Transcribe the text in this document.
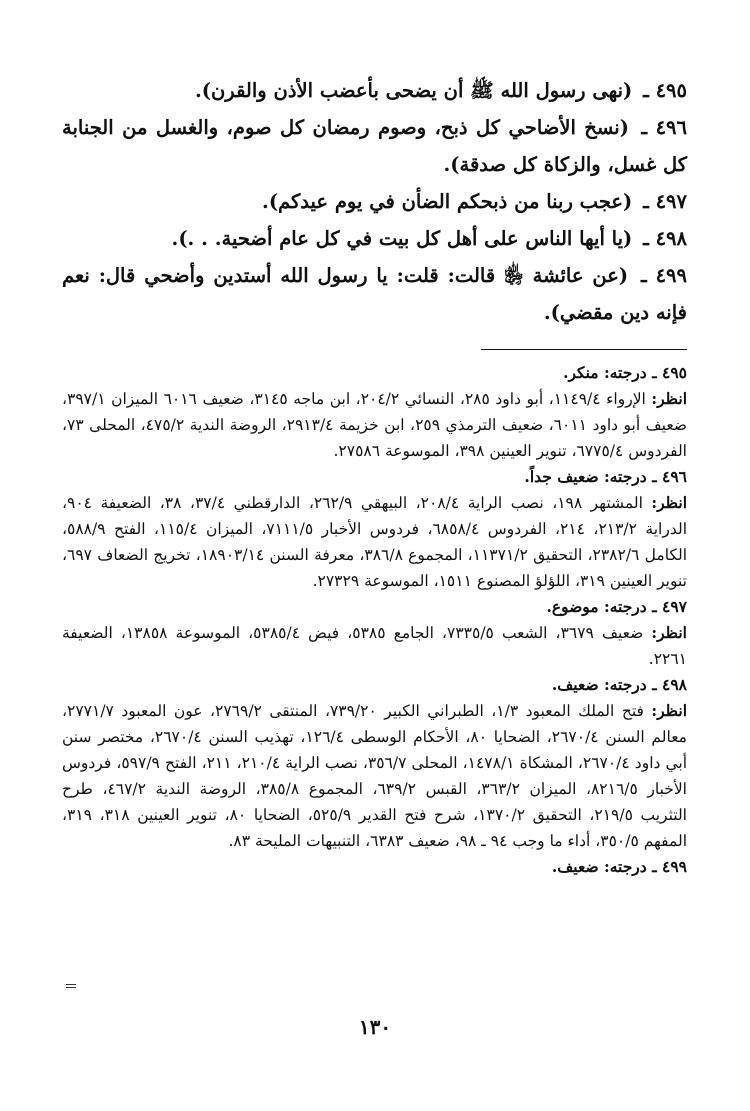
٤٩٥ ـ (نهى رسول الله ﷺ أن يضحى بأعضب الأذن والقرن).

٤٩٦ ـ (نسخ الأضاحي كل ذبح، وصوم رمضان كل صوم، والغسل من الجنابة كل غسل، والزكاة كل صدقة).

٤٩٧ ـ (عجب ربنا من ذبحكم الضأن في يوم عيدكم).

٤٩٨ ـ (يا أيها الناس على أهل كل بيت في كل عام أضحية. . .).

٤٩٩ ـ (عن عائشة ﵂ قالت: قلت: يا رسول الله أستدين وأضحي قال: نعم فإنه دين مقضي).

٤٩٥ ـ درجته: منكر.

انظر: الإرواء ١١٤٩/٤، أبو داود ٢٨٥، النسائي ٢٠٤/٢، ابن ماجه ٣١٤٥، ضعيف ٦٠١٦ الميزان ٣٩٧/١، ضعيف أبو داود ٦٠١١، ضعيف الترمذي ٢٥٩، ابن خزيمة ٢٩١٣/٤، الروضة الندية ٤٧٥/٢، المحلى ٧٣، الفردوس ٦٧٧٥/٤، تنوير العينين ٣٩٨، الموسوعة ٢٧٥٨٦.

٤٩٦ ـ درجته: ضعيف جداً.

انظر: المشتهر ١٩٨، نصب الراية ٢٠٨/٤، البيهقي ٢٦٢/٩، الدارقطني ٣٧/٤، ٣٨، الضعيفة ٩٠٤، الدراية ٢١٣/٢، ٢١٤، الفردوس ٦٨٥٨/٤، فردوس الأخبار ٧١١١/٥، الميزان ١١٥/٤، الفتح ٥٨٨/٩، الكامل ٢٣٨٢/٦، التحقيق ١١٣٧١/٢، المجموع ٣٨٦/٨، معرفة السنن ١٨٩٠٣/١٤، تخريج الضعاف ٦٩٧، تنوير العينين ٣١٩، اللؤلؤ المصنوع ١٥١١، الموسوعة ٢٧٣٢٩.

٤٩٧ ـ درجته: موضوع.

انظر: ضعيف ٣٦٧٩، الشعب ٧٣٣٥/٥، الجامع ٥٣٨٥، فيض ٥٣٨٥/٤، الموسوعة ١٣٨٥٨، الضعيفة ٢٢٦١.

٤٩٨ ـ درجته: ضعيف.

انظر: فتح الملك المعبود ١/٣، الطبراني الكبير ٧٣٩/٢٠، المنتقى ٢٧٦٩/٢، عون المعبود ٢٧٧١/٧، معالم السنن ٢٦٧٠/٤، الضحايا ٨٠، الأحكام الوسطى ١٢٦/٤، تهذيب السنن ٢٦٧٠/٤، مختصر سنن أبي داود ٢٦٧٠/٤، المشكاة ١٤٧٨/١، المحلى ٣٥٦/٧، نصب الراية ٢١٠/٤، ٢١١، الفتح ٥٩٧/٩، فردوس الأخبار ٨٢١٦/٥، الميزان ٣٦٣/٢، القبس ٦٣٩/٢، المجموع ٣٨٥/٨، الروضة الندية ٤٦٧/٢، طرح التثريب ٢١٩/٥، التحقيق ١٣٧٠/٢، شرح فتح القدير ٥٢٥/٩، الضحايا ٨٠، تنوير العينين ٣١٨، ٣١٩، المفهم ٣٥٠/٥، أداء ما وجب ٩٤ ـ ٩٨، ضعيف ٦٣٨٣، التنبيهات المليحة ٨٣.

٤٩٩ ـ درجته: ضعيف.

١٣٠
